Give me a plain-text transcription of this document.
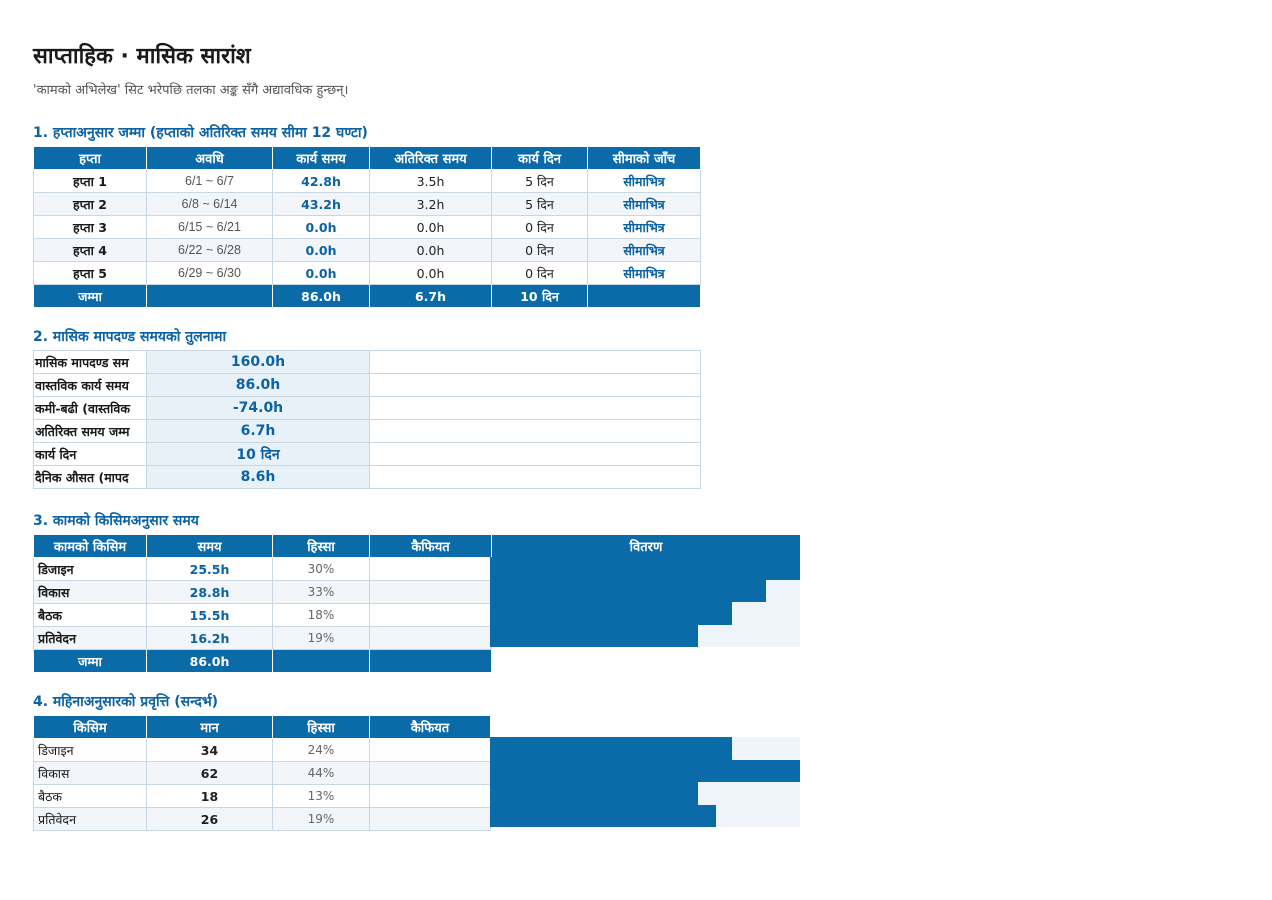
साप्ताहिक · मासिक सारांश
'कामको अभिलेख' सिट भरेपछि तलका अङ्क सँगै अद्यावधिक हुन्छन्।
1. हप्ताअनुसार जम्मा (हप्ताको अतिरिक्त समय सीमा 12 घण्टा)
हप्ता	अवधि	कार्य समय	अतिरिक्त समय	कार्य दिन	सीमाको जाँच
हप्ता 1	6/1 ~ 6/7	42.8h	3.5h	5 दिन	सीमाभित्र
हप्ता 2	6/8 ~ 6/14	43.2h	3.2h	5 दिन	सीमाभित्र
हप्ता 3	6/15 ~ 6/21	0.0h	0.0h	0 दिन	सीमाभित्र
हप्ता 4	6/22 ~ 6/28	0.0h	0.0h	0 दिन	सीमाभित्र
हप्ता 5	6/29 ~ 6/30	0.0h	0.0h	0 दिन	सीमाभित्र
जम्मा		86.0h	6.7h	10 दिन	
2. मासिक मापदण्ड समयको तुलनामा
मासिक मापदण्ड सम	160.0h	
वास्तविक कार्य समय	86.0h	
कमी-बढी (वास्तविक	-74.0h	
अतिरिक्त समय जम्म	6.7h	
कार्य दिन	10 दिन	
दैनिक औसत (मापद	8.6h	
3. कामको किसिमअनुसार समय
कामको किसिम	समय	हिस्सा	कैफियत	वितरण
डिजाइन	25.5h	30%		
विकास	28.8h	33%		
बैठक	15.5h	18%		
प्रतिवेदन	16.2h	19%		
जम्मा	86.0h			
4. महिनाअनुसारको प्रवृत्ति (सन्दर्भ)
किसिम	मान	हिस्सा	कैफियत
डिजाइन	34	24%	
विकास	62	44%	
बैठक	18	13%	
प्रतिवेदन	26	19%	
